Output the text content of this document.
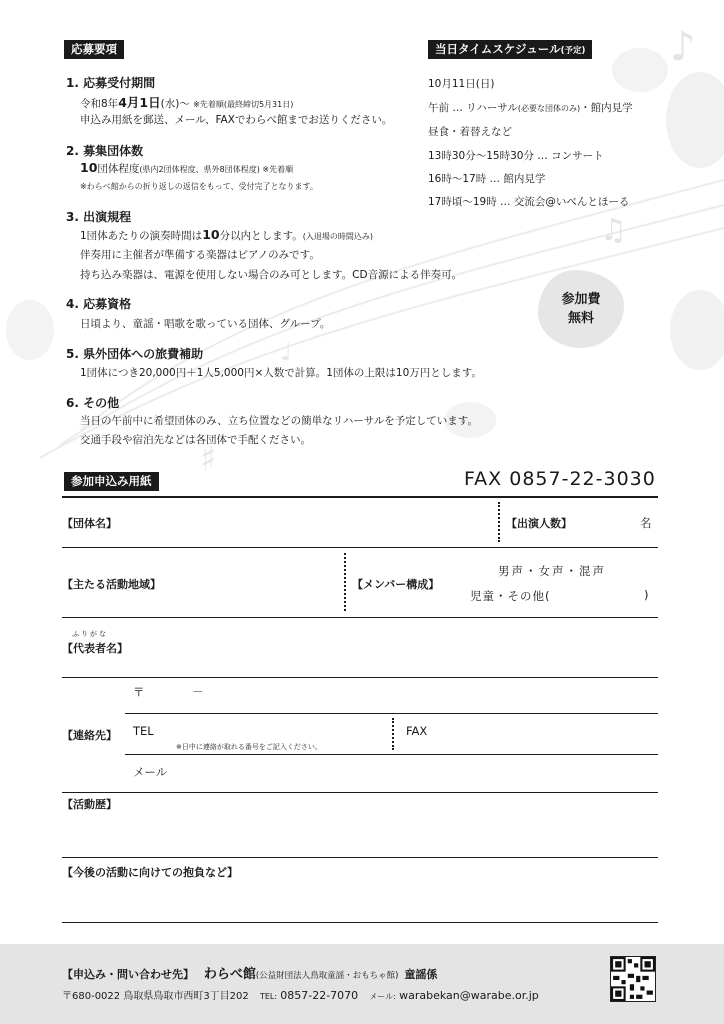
♪
♫
♯
♩
応募要項
1. 応募受付期間
令和8年4月1日(水)～ ※先着順(最終締切5月31日)
申込み用紙を郵送、メール、FAXでわらべ館までお送りください。
2. 募集団体数
10団体程度(県内2団体程度、県外8団体程度) ※先着順
※わらべ館からの折り返しの返信をもって、受付完了となります。
3. 出演規程
1団体あたりの演奏時間は10分以内とします。(入退場の時間込み)
伴奏用に主催者が準備する楽器はピアノのみです。
持ち込み楽器は、電源を使用しない場合のみ可とします。CD音源による伴奏可。
4. 応募資格
日頃より、童謡・唱歌を歌っている団体、グループ。
5. 県外団体への旅費補助
1団体につき20,000円＋1人5,000円×人数で計算。1団体の上限は10万円とします。
6. その他
当日の午前中に希望団体のみ、立ち位置などの簡単なリハーサルを予定しています。
交通手段や宿泊先などは各団体で手配ください。
当日タイムスケジュール(予定)
10月11日(日)
午前 … リハーサル(必要な団体のみ)・館内見学
昼食・着替えなど
13時30分～15時30分 … コンサート
16時～17時 … 館内見学
17時頃～19時 … 交流会@いべんとほーる
参加費
無料
参加申込み用紙	FAX 0857-22-3030
【団体名】	【出演人数】	名
【主たる活動地域】	【メンバー構成】
男声・女声・混声
児童・その他(	)
ふりがな
【代表者名】
〒	－
【連絡先】 TEL
※日中に連絡が取れる番号をご記入ください。
FAX
メール
【活動歴】
【今後の活動に向けての抱負など】
【申込み・問い合わせ先】 わらべ館(公益財団法人鳥取童謡・おもちゃ館) 童謡係
〒680-0022 鳥取県鳥取市西町3丁目202 TEL: 0857-22-7070 メール: warabekan@warabe.or.jp
